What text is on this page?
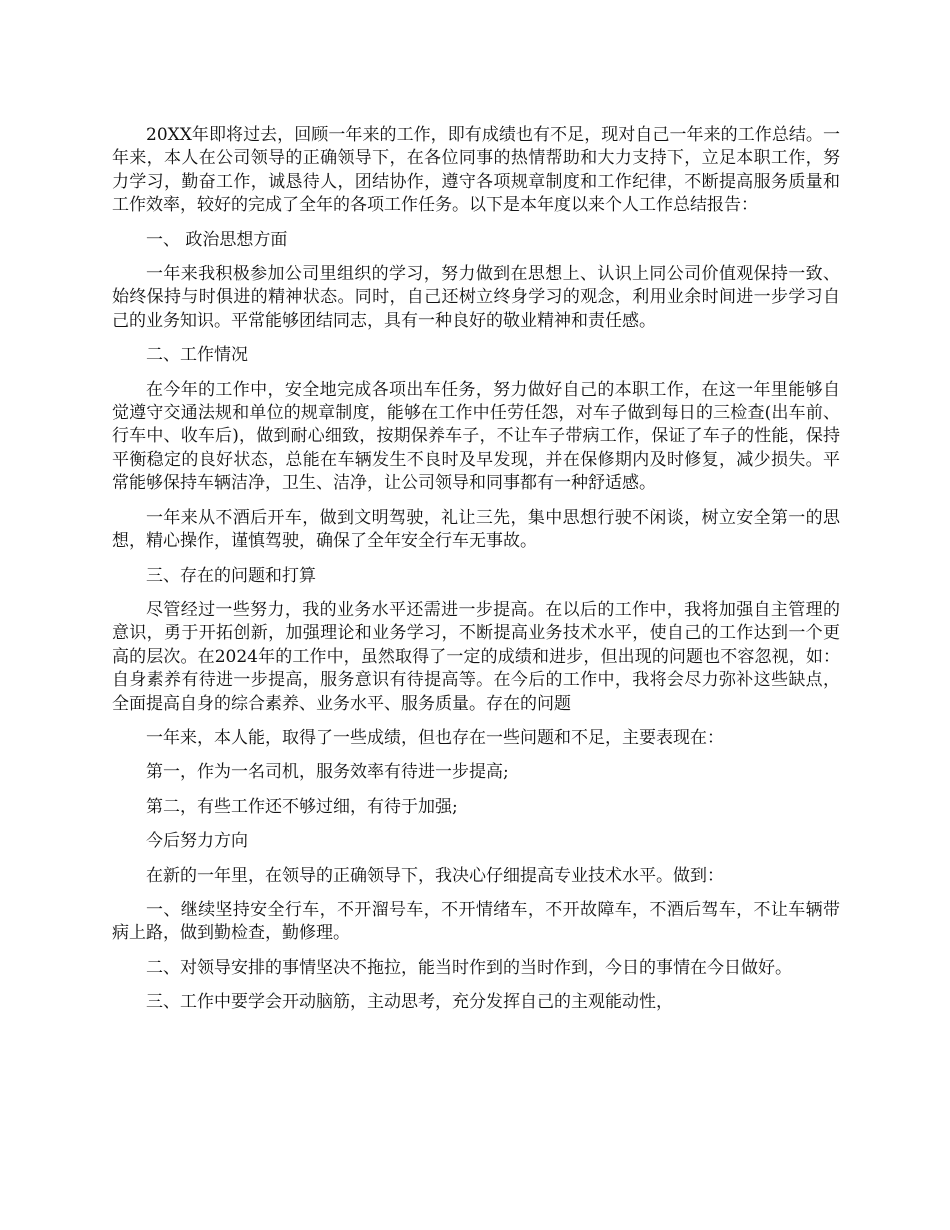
20XX年即将过去，回顾一年来的工作，即有成绩也有不足，现对自己一年来的工作总结。一年来，本人在公司领导的正确领导下，在各位同事的热情帮助和大力支持下，立足本职工作，努力学习，勤奋工作，诚恳待人，团结协作，遵守各项规章制度和工作纪律，不断提高服务质量和工作效率，较好的完成了全年的各项工作任务。以下是本年度以来个人工作总结报告：

一、 政治思想方面

一年来我积极参加公司里组织的学习，努力做到在思想上、认识上同公司价值观保持一致、始终保持与时俱进的精神状态。同时，自己还树立终身学习的观念，利用业余时间进一步学习自己的业务知识。平常能够团结同志，具有一种良好的敬业精神和责任感。

二、工作情况

在今年的工作中，安全地完成各项出车任务，努力做好自己的本职工作，在这一年里能够自觉遵守交通法规和单位的规章制度，能够在工作中任劳任怨，对车子做到每日的三检查(出车前、行车中、收车后)，做到耐心细致，按期保养车子，不让车子带病工作，保证了车子的性能，保持平衡稳定的良好状态，总能在车辆发生不良时及早发现，并在保修期内及时修复，减少损失。平常能够保持车辆洁净，卫生、洁净，让公司领导和同事都有一种舒适感。

一年来从不酒后开车，做到文明驾驶，礼让三先，集中思想行驶不闲谈，树立安全第一的思想，精心操作，谨慎驾驶，确保了全年安全行车无事故。

三、存在的问题和打算

尽管经过一些努力，我的业务水平还需进一步提高。在以后的工作中，我将加强自主管理的意识，勇于开拓创新，加强理论和业务学习，不断提高业务技术水平，使自己的工作达到一个更高的层次。在2024年的工作中，虽然取得了一定的成绩和进步，但出现的问题也不容忽视，如：自身素养有待进一步提高，服务意识有待提高等。在今后的工作中，我将会尽力弥补这些缺点，全面提高自身的综合素养、业务水平、服务质量。存在的问题

一年来，本人能，取得了一些成绩，但也存在一些问题和不足，主要表现在：

第一，作为一名司机，服务效率有待进一步提高;

第二，有些工作还不够过细，有待于加强;

今后努力方向

在新的一年里，在领导的正确领导下，我决心仔细提高专业技术水平。做到：

一、继续坚持安全行车，不开溜号车，不开情绪车，不开故障车，不酒后驾车，不让车辆带病上路，做到勤检查，勤修理。

二、对领导安排的事情坚决不拖拉，能当时作到的当时作到，今日的事情在今日做好。

三、工作中要学会开动脑筋，主动思考，充分发挥自己的主观能动性，
